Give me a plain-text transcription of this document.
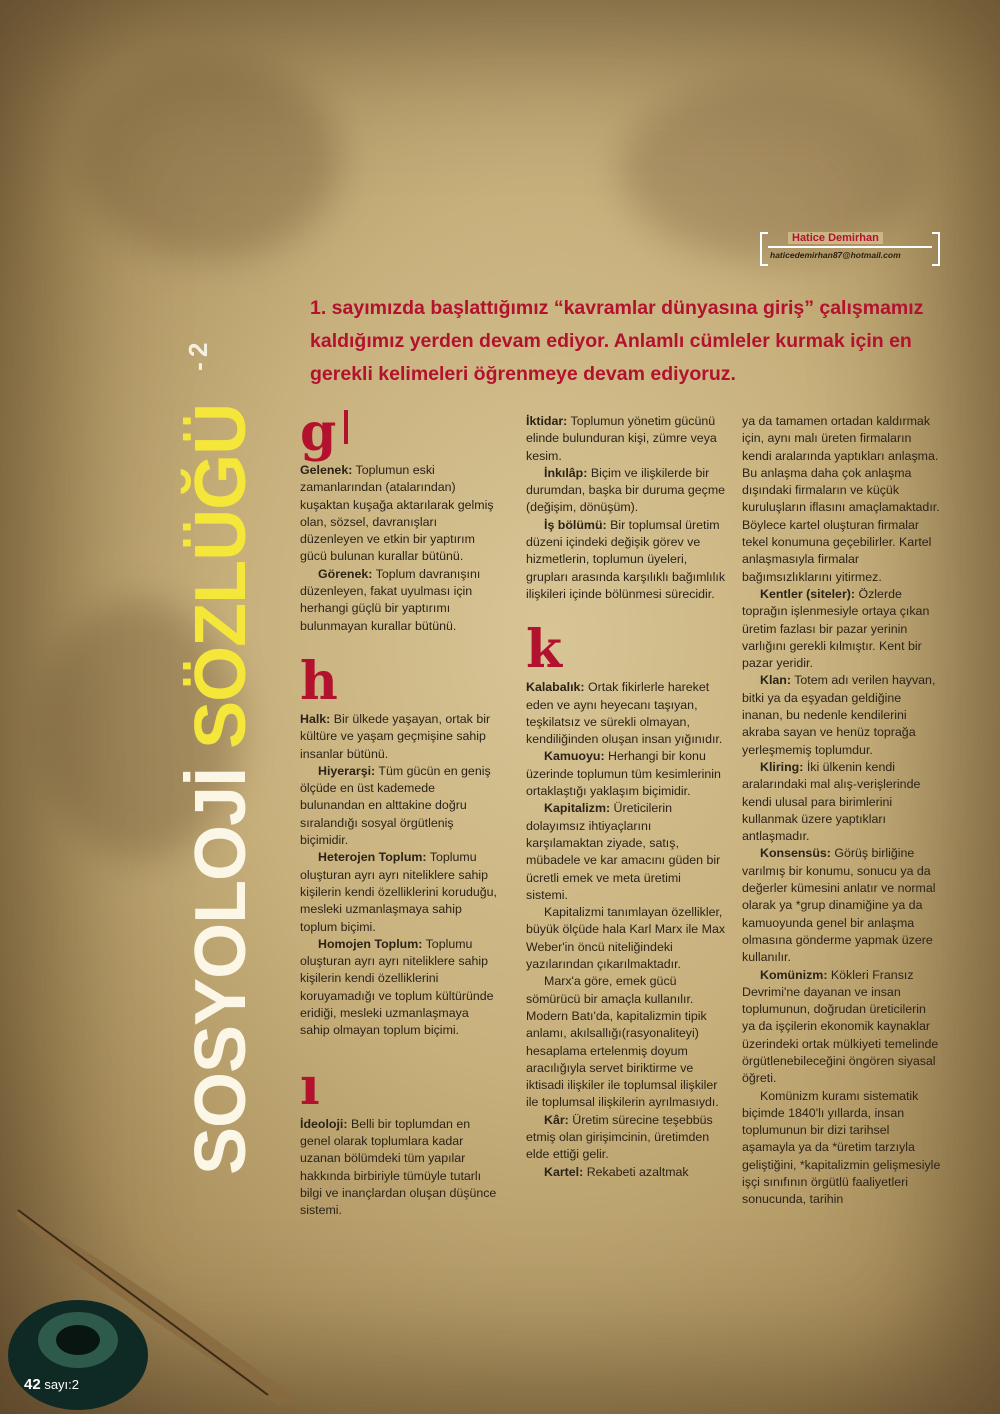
Hatice Demirhan
haticedemirhan87@hotmail.com
SOSYOLOJİ SÖZLÜĞÜ $^{- 2}$
1. sayımızda başlattığımız “kavramlar dünyasına giriş” çalışmamız kaldığımız yerden devam ediyor. Anlamlı cümleler kurmak için en gerekli kelimeleri öğrenmeye devam ediyoruz.
g

Gelenek: Toplumun eski zamanlarından (atalarından) kuşaktan kuşağa aktarılarak gelmiş olan, sözsel, davranışları düzenleyen ve etkin bir yaptırım gücü bulunan kurallar bütünü.

Görenek: Toplum davranışını düzenleyen, fakat uyulması için herhangi güçlü bir yaptırımı bulunmayan kurallar bütünü.

h

Halk: Bir ülkede yaşayan, ortak bir kültüre ve yaşam geçmişine sahip insanlar bütünü.

Hiyerarşi: Tüm gücün en geniş ölçüde en üst kademede bulunandan en alttakine doğru sıralandığı sosyal örgütleniş biçimidir.

Heterojen Toplum: Toplumu oluşturan ayrı ayrı niteliklere sahip kişilerin kendi özelliklerini koruduğu, mesleki uzmanlaşmaya sahip toplum biçimi.

Homojen Toplum: Toplumu oluşturan ayrı ayrı niteliklere sahip kişilerin kendi özelliklerini koruyamadığı ve toplum kültüründe eridiği, mesleki uzmanlaşmaya sahip olmayan toplum biçimi.

ı

İdeoloji: Belli bir toplumdan en genel olarak toplumlara kadar uzanan bölümdeki tüm yapılar hakkında birbiriyle tümüyle tutarlı bilgi ve inançlardan oluşan düşünce sistemi.

İktidar: Toplumun yönetim gücünü elinde bulunduran kişi, zümre veya kesim.

İnkılâp: Biçim ve ilişkilerde bir durumdan, başka bir duruma geçme (değişim, dönüşüm).

İş bölümü: Bir toplumsal üretim düzeni içindeki değişik görev ve hizmetlerin, toplumun üyeleri, grupları arasında karşılıklı bağımlılık ilişkileri içinde bölünmesi sürecidir.

k

Kalabalık: Ortak fikirlerle hareket eden ve aynı heyecanı taşıyan, teşkilatsız ve sürekli olmayan, kendiliğinden oluşan insan yığınıdır.

Kamuoyu: Herhangi bir konu üzerinde toplumun tüm kesimlerinin ortaklaştığı yaklaşım biçimidir.

Kapitalizm: Üreticilerin dolayımsız ihtiyaçlarını karşılamaktan ziyade, satış, mübadele ve kar amacını güden bir ücretli emek ve meta üretimi sistemi.

Kapitalizmi tanımlayan özellikler, büyük ölçüde hala Karl Marx ile Max Weber'in öncü niteliğindeki yazılarından çıkarılmaktadır.

Marx'a göre, emek gücü sömürücü bir amaçla kullanılır. Modern Batı'da, kapitalizmin tipik anlamı, akılsallığı(rasyonaliteyi) hesaplama ertelenmiş doyum aracılığıyla servet biriktirme ve iktisadi ilişkiler ile toplumsal ilişkiler ile toplumsal ilişkilerin ayrılmasıydı.

Kâr: Üretim sürecine teşebbüs etmiş olan girişimcinin, üretimden elde ettiği gelir.

Kartel: Rekabeti azaltmak

ya da tamamen ortadan kaldırmak için, aynı malı üreten firmaların kendi aralarında yaptıkları anlaşma. Bu anlaşma daha çok anlaşma dışındaki firmaların ve küçük kuruluşların iflasını amaçlamaktadır. Böylece kartel oluşturan firmalar tekel konumuna geçebilirler. Kartel anlaşmasıyla firmalar bağımsızlıklarını yitirmez.

Kentler (siteler): Özlerde toprağın işlenmesiyle ortaya çıkan üretim fazlası bir pazar yerinin varlığını gerekli kılmıştır. Kent bir pazar yeridir.

Klan: Totem adı verilen hayvan, bitki ya da eşyadan geldiğine inanan, bu nedenle kendilerini akraba sayan ve henüz toprağa yerleşmemiş toplumdur.

Kliring: İki ülkenin kendi aralarındaki mal alış-verişlerinde kendi ulusal para birimlerini kullanmak üzere yaptıkları antlaşmadır.

Konsensüs: Görüş birliğine varılmış bir konumu, sonucu ya da değerler kümesini anlatır ve normal olarak ya *grup dinamiğine ya da kamuoyunda genel bir anlaşma olmasına gönderme yapmak üzere kullanılır.

Komünizm: Kökleri Fransız Devrimi'ne dayanan ve insan toplumunun, doğrudan üreticilerin ya da işçilerin ekonomik kaynaklar üzerindeki ortak mülkiyeti temelinde örgütlenebileceğini öngören siyasal öğreti.

Komünizm kuramı sistematik biçimde 1840'lı yıllarda, insan toplumunun bir dizi tarihsel aşamayla ya da *üretim tarzıyla geliştiğini, *kapitalizmin gelişmesiyle işçi sınıfının örgütlü faaliyetleri sonucunda, tarihin

42 sayı:2
